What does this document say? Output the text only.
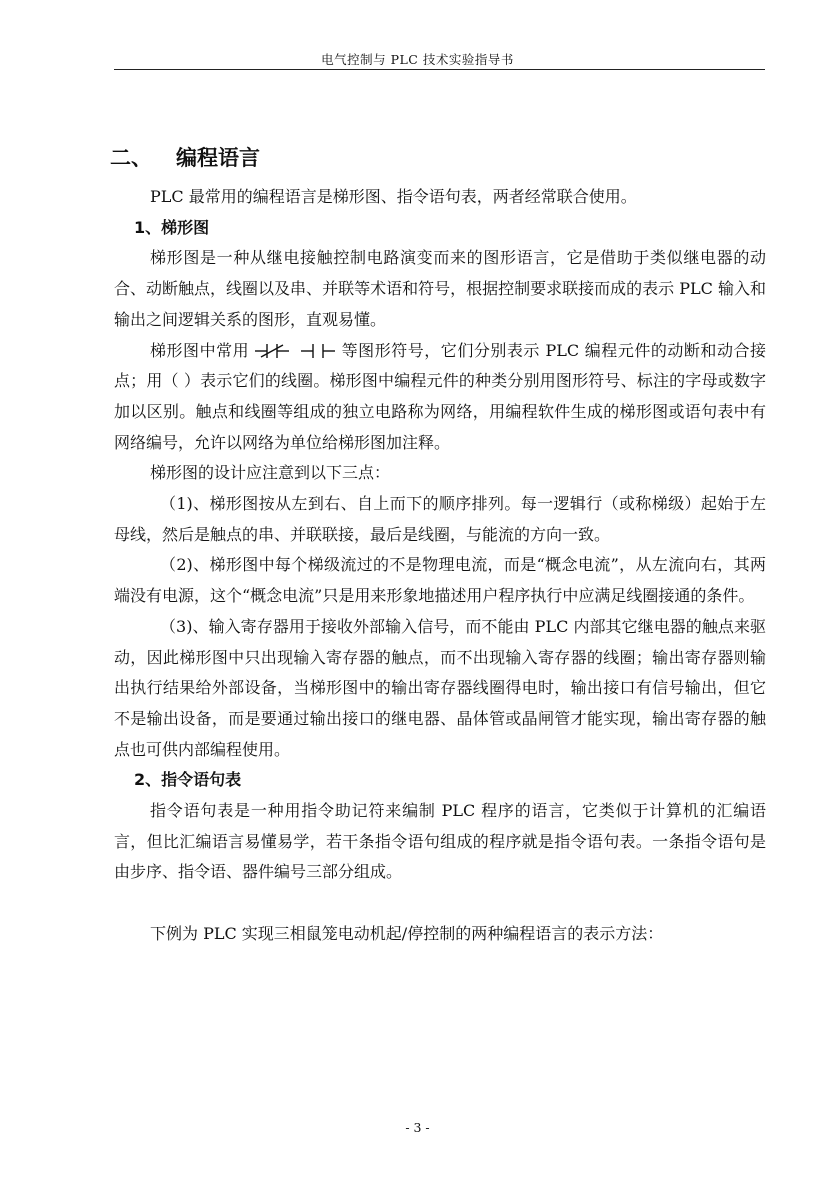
电气控制与 PLC 技术实验指导书
二、 编程语言

PLC 最常用的编程语言是梯形图、指令语句表，两者经常联合使用。

1、梯形图

梯形图是一种从继电接触控制电路演变而来的图形语言，它是借助于类似继电器的动合、动断触点，线圈以及串、并联等术语和符号，根据控制要求联接而成的表示 PLC 输入和输出之间逻辑关系的图形，直观易懂。

梯形图中常用	等图形符号，它们分别表示 PLC 编程元件的动断和动合接点；用（ ）表示它们的线圈。梯形图中编程元件的种类分别用图形符号、标注的字母或数字加以区别。触点和线圈等组成的独立电路称为网络，用编程软件生成的梯形图或语句表中有网络编号，允许以网络为单位给梯形图加注释。

梯形图的设计应注意到以下三点：

（1)、梯形图按从左到右、自上而下的顺序排列。每一逻辑行（或称梯级）起始于左母线，然后是触点的串、并联联接，最后是线圈，与能流的方向一致。

（2)、梯形图中每个梯级流过的不是物理电流，而是“概念电流”，从左流向右，其两端没有电源，这个“概念电流”只是用来形象地描述用户程序执行中应满足线圈接通的条件。

（3)、输入寄存器用于接收外部输入信号，而不能由 PLC 内部其它继电器的触点来驱动，因此梯形图中只出现输入寄存器的触点，而不出现输入寄存器的线圈；输出寄存器则输出执行结果给外部设备，当梯形图中的输出寄存器线圈得电时，输出接口有信号输出，但它不是输出设备，而是要通过输出接口的继电器、晶体管或晶闸管才能实现，输出寄存器的触点也可供内部编程使用。

2、指令语句表

指令语句表是一种用指令助记符来编制 PLC 程序的语言，它类似于计算机的汇编语言，但比汇编语言易懂易学，若干条指令语句组成的程序就是指令语句表。一条指令语句是由步序、指令语、器件编号三部分组成。

下例为 PLC 实现三相鼠笼电动机起/停控制的两种编程语言的表示方法：

- 3 -
